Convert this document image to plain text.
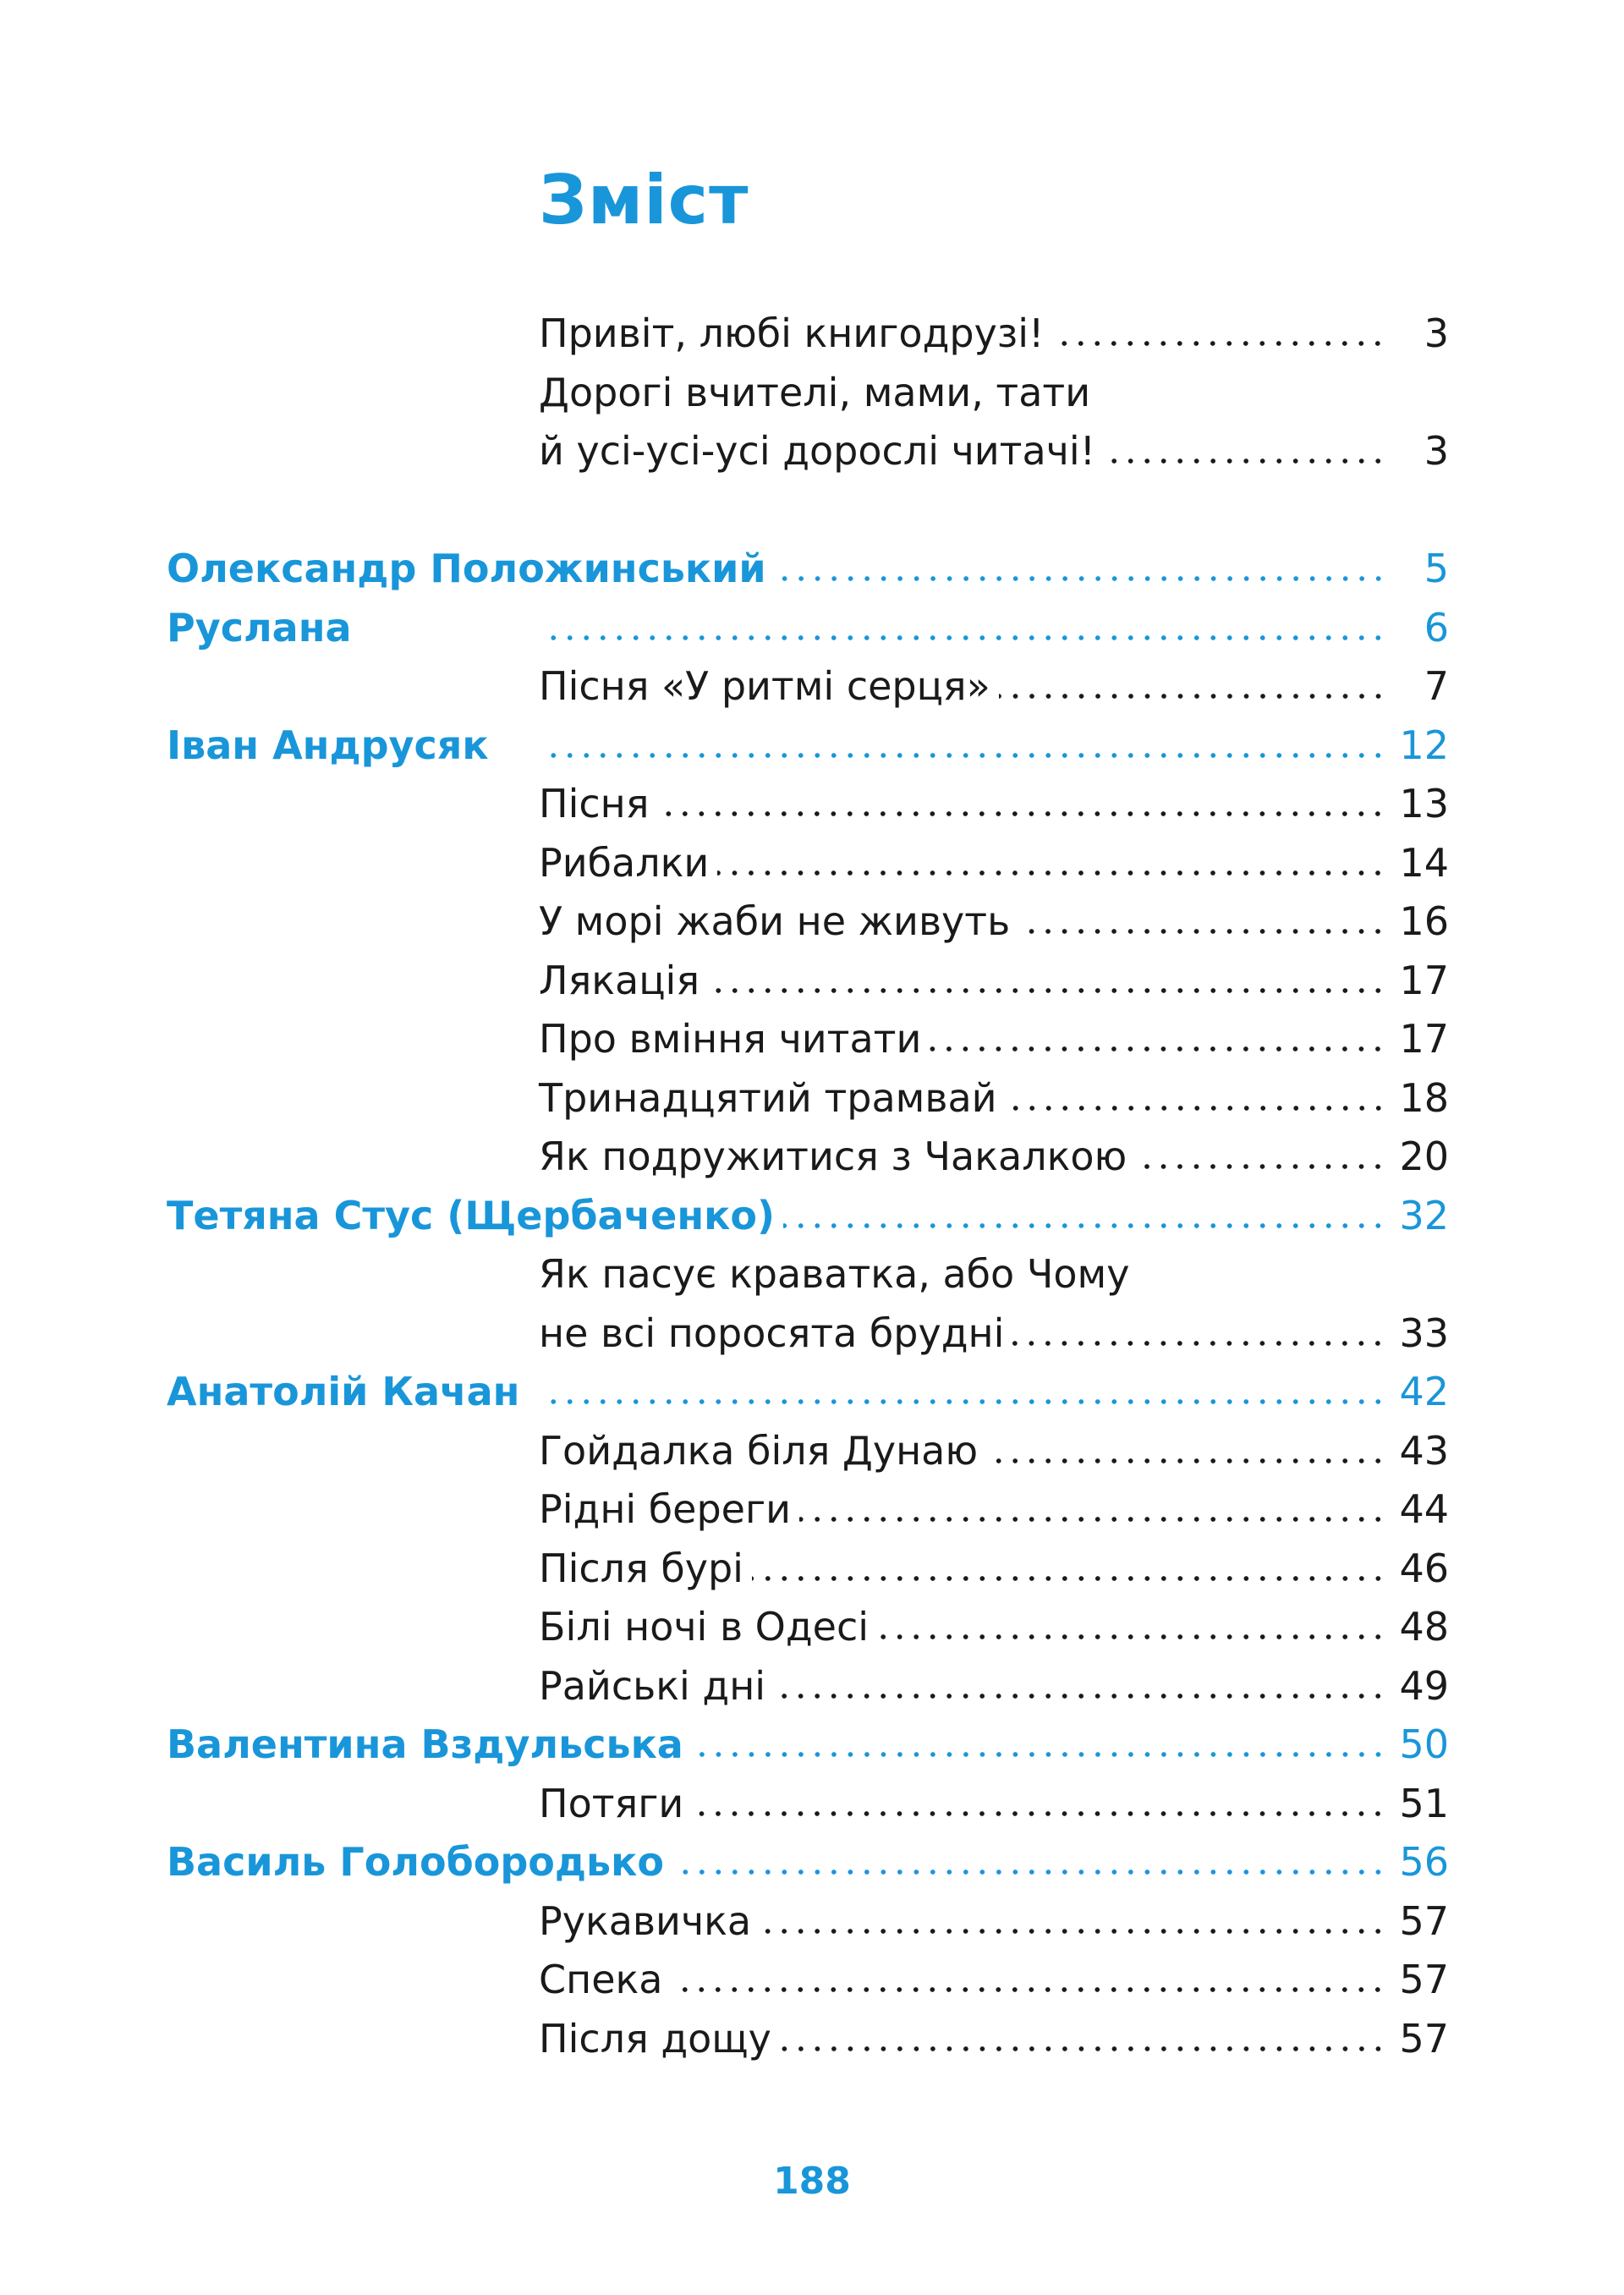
Зміст
Привіт, любі книгодрузі!	3
Дорогі вчителі, мами, тати
й усі-усі-усі дорослі читачі!	3
Олександр Положинський	5
Руслана	6
Пісня «У ритмі серця»	7
Іван Андрусяк	12
Пісня	13
Рибалки	14
У морі жаби не живуть	16
Лякація	17
Про вміння читати	17
Тринадцятий трамвай	18
Як подружитися з Чакалкою	20
Тетяна Стус (Щербаченко)	32
Як пасує краватка, або Чому
не всі поросята брудні	33
Анатолій Качан	42
Гойдалка біля Дунаю	43
Рідні береги	44
Після бурі	46
Білі ночі в Одесі	48
Райські дні	49
Валентина Вздульська	50
Потяги	51
Василь Голобородько	56
Рукавичка	57
Спека	57
Після дощу	57
188
